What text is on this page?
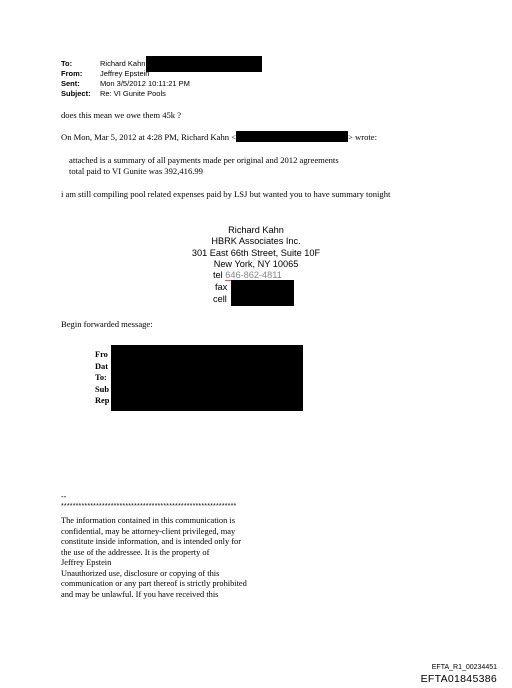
To:	Richard Kahn
From: Jeffrey Epstein
Sent:	Mon 3/5/2012 10:11:21 PM
Subject: Re: VI Gunite Pools
does this mean we owe them 45k ?
On Mon, Mar 5, 2012 at 4:28 PM, Richard Kahn <	> wrote:
attached is a summary of all payments made per original and 2012 agreements
total paid to VI Gunite was 392,416.99
i am still compiling pool related expenses paid by LSJ but wanted you to have summary tonight
Richard Kahn
HBRK Associates Inc.
301 East 66th Street, Suite 10F
New York, NY 10065
tel 646-862-4811
fax
cell
Begin forwarded message:
Fro
Dat
To:
Sub
Rep
--
************************************************************
The information contained in this communication is
confidential, may be attorney-client privileged, may
constitute inside information, and is intended only for
the use of the addressee. It is the property of
Jeffrey Epstein
Unauthorized use, disclosure or copying of this
communication or any part thereof is strictly prohibited
and may be unlawful. If you have received this
EFTA_R1_00234451
EFTA01845386
